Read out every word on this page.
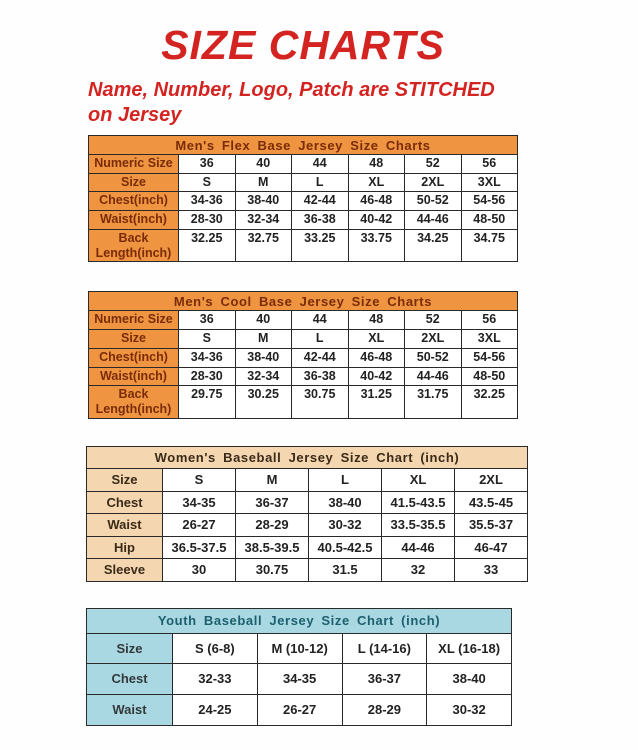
SIZE CHARTS
Name, Number, Logo, Patch are STITCHED
on Jersey
Men's Flex Base Jersey Size Charts						
Numeric Size	36	40	44	48	52	56
Size	S	M	L	XL	2XL	3XL
Chest(inch)	34-36	38-40	42-44	46-48	50-52	54-56
Waist(inch)	28-30	32-34	36-38	40-42	44-46	48-50
Back Length(inch)	32.25	32.75	33.25	33.75	34.25	34.75
Men's Cool Base Jersey Size Charts						
Numeric Size	36	40	44	48	52	56
Size	S	M	L	XL	2XL	3XL
Chest(inch)	34-36	38-40	42-44	46-48	50-52	54-56
Waist(inch)	28-30	32-34	36-38	40-42	44-46	48-50
Back Length(inch)	29.75	30.25	30.75	31.25	31.75	32.25
Women's Baseball Jersey Size Chart (inch)					
Size	S	M	L	XL	2XL
Chest	34-35	36-37	38-40	41.5-43.5	43.5-45
Waist	26-27	28-29	30-32	33.5-35.5	35.5-37
Hip	36.5-37.5	38.5-39.5	40.5-42.5	44-46	46-47
Sleeve	30	30.75	31.5	32	33
Youth Baseball Jersey Size Chart (inch)				
Size	S (6-8)	M (10-12)	L (14-16)	XL (16-18)
Chest	32-33	34-35	36-37	38-40
Waist	24-25	26-27	28-29	30-32
